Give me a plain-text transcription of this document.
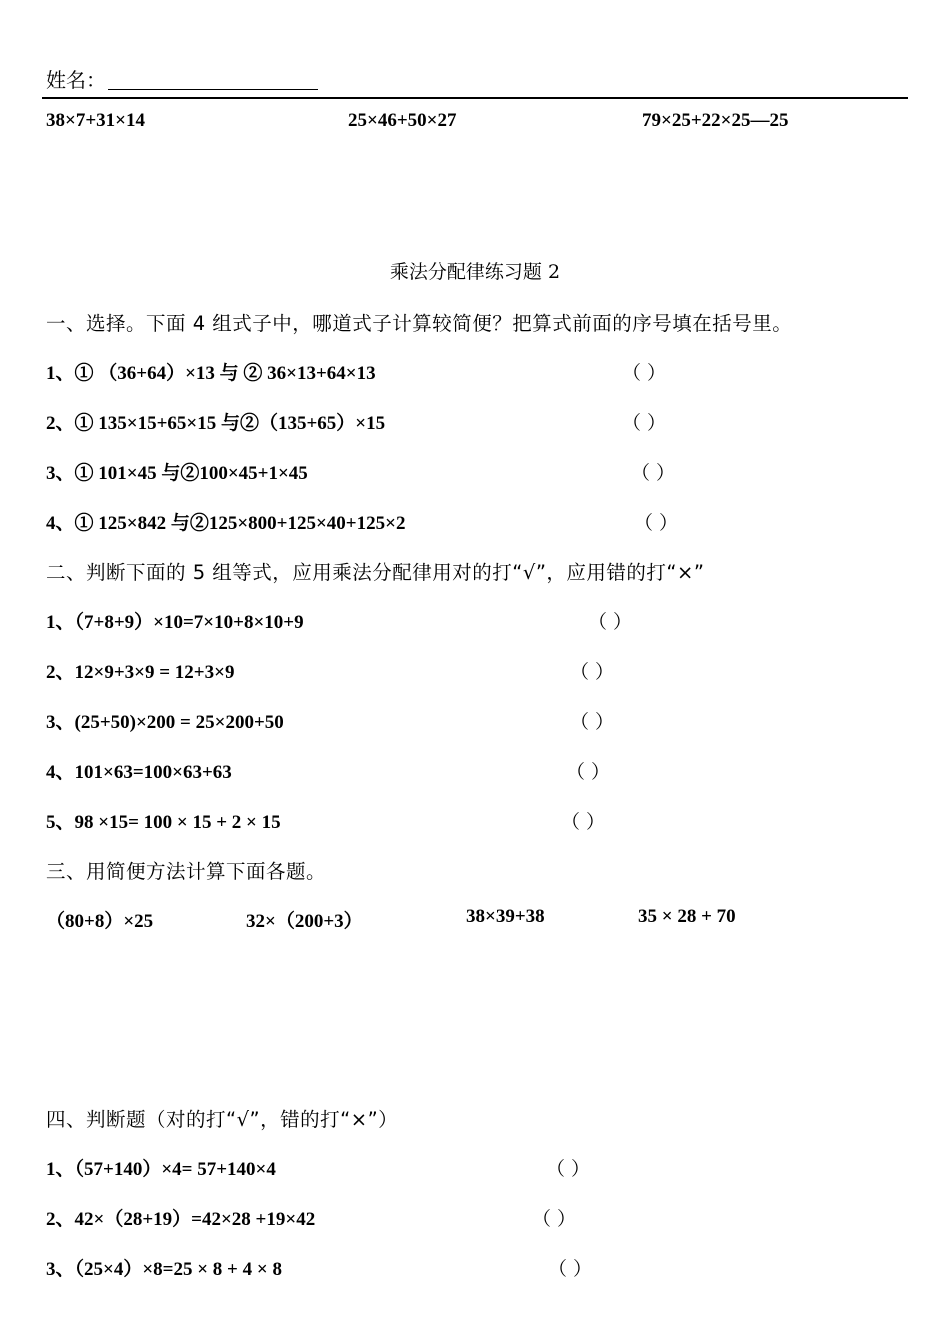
姓名：
38×7+31×14	25×46+50×27	79×25+22×25—25
乘法分配律练习题 2
一、选择。下面 4 组式子中，哪道式子计算较简便？把算式前面的序号填在括号里。
1、① （36+64）×13 与 ② 36×13+64×13	（ ）
2、① 135×15+65×15 与②（135+65）×15	（ ）
3、① 101×45 与②100×45+1×45	（ ）
4、① 125×842 与②125×800+125×40+125×2	（ ）
二、判断下面的 5 组等式，应用乘法分配律用对的打“√”，应用错的打“×”
1、（7+8+9）×10=7×10+8×10+9	（ ）
2、12×9+3×9 = 12+3×9	（ ）
3、(25+50)×200 = 25×200+50	（ ）
4、101×63=100×63+63	（ ）
5、98 ×15= 100 × 15 + 2 × 15	（ ）
三、用简便方法计算下面各题。
（80+8）×25	32×（200+3）	38×39+38	35 × 28 + 70
四、判断题（对的打“√”，错的打“×”）
1、（57+140）×4= 57+140×4	（ ）
2、42×（28+19）=42×28 +19×42	（ ）
3、（25×4）×8=25 × 8 + 4 × 8	（ ）
